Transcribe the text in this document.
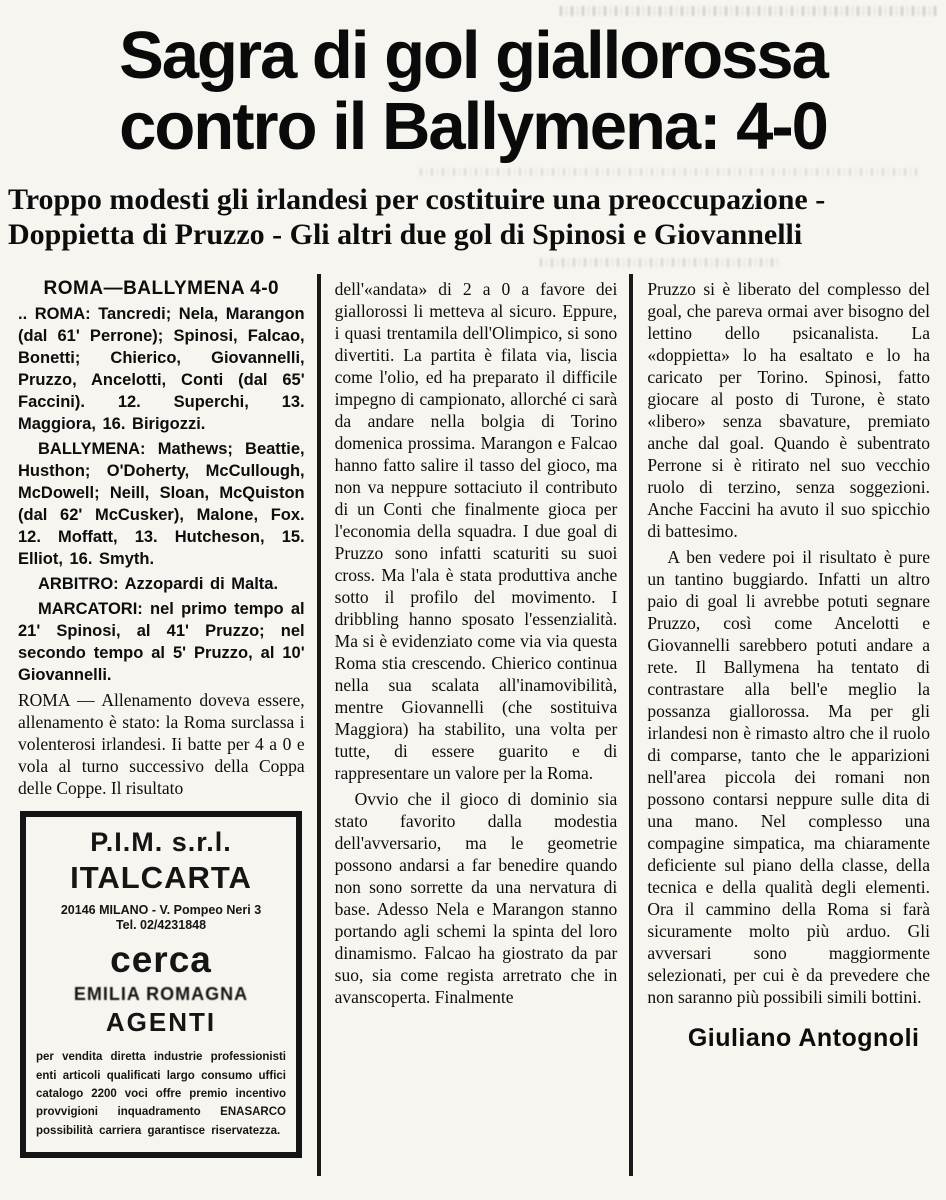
Sagra di gol giallorossa
contro il Ballymena: 4-0
Troppo modesti gli irlandesi per costituire una preoccupazione - Doppietta di Pruzzo - Gli altri due gol di Spinosi e Giovannelli

ROMA—BALLYMENA 4-0

.. ROMA: Tancredi; Nela, Marangon (dal 61' Perrone); Spinosi, Falcao, Bonetti; Chierico, Giovannelli, Pruzzo, Ancelotti, Conti (dal 65' Faccini). 12. Superchi, 13. Maggiora, 16. Birigozzi.

BALLYMENA: Mathews; Beattie, Husthon; O'Doherty, McCullough, McDowell; Neill, Sloan, McQuiston (dal 62' McCusker), Malone, Fox. 12. Moffatt, 13. Hutcheson, 15. Elliot, 16. Smyth.

ARBITRO: Azzopardi di Malta.

MARCATORI: nel primo tempo al 21' Spinosi, al 41' Pruzzo; nel secondo tempo al 5' Pruzzo, al 10' Giovannelli.

ROMA — Allenamento doveva essere, allenamento è stato: la Roma surclassa i volenterosi irlandesi. Ii batte per 4 a 0 e vola al turno successivo della Coppa delle Coppe. Il risultato

P.I.M. s.r.l.
ITALCARTA
20146 MILANO - V. Pompeo Neri 3
Tel. 02/4231848
cerca
EMILIA ROMAGNA
AGENTI
per vendita diretta industrie professionisti enti articoli qualificati largo consumo uffici catalogo 2200 voci offre premio incentivo provvigioni inquadramento ENASARCO possibilità carriera garantisce riservatezza.

dell'«andata» di 2 a 0 a favore dei giallorossi li metteva al sicuro. Eppure, i quasi trentamila dell'Olimpico, si sono divertiti. La partita è filata via, liscia come l'olio, ed ha preparato il difficile impegno di campionato, allorché ci sarà da andare nella bolgia di Torino domenica prossima. Marangon e Falcao hanno fatto salire il tasso del gioco, ma non va neppure sottaciuto il contributo di un Conti che finalmente gioca per l'economia della squadra. I due goal di Pruzzo sono infatti scaturiti su suoi cross. Ma l'ala è stata produttiva anche sotto il profilo del movimento. I dribbling hanno sposato l'essenzialità. Ma si è evidenziato come via via questa Roma stia crescendo. Chierico continua nella sua scalata all'inamovibilità, mentre Giovannelli (che sostituiva Maggiora) ha stabilito, una volta per tutte, di essere guarito e di rappresentare un valore per la Roma.

Ovvio che il gioco di dominio sia stato favorito dalla modestia dell'avversario, ma le geometrie possono andarsi a far benedire quando non sono sorrette da una nervatura di base. Adesso Nela e Marangon stanno portando agli schemi la spinta del loro dinamismo. Falcao ha giostrato da par suo, sia come regista arretrato che in avanscoperta. Finalmente

Pruzzo si è liberato del complesso del goal, che pareva ormai aver bisogno del lettino dello psicanalista. La «doppietta» lo ha esaltato e lo ha caricato per Torino. Spinosi, fatto giocare al posto di Turone, è stato «libero» senza sbavature, premiato anche dal goal. Quando è subentrato Perrone si è ritirato nel suo vecchio ruolo di terzino, senza soggezioni. Anche Faccini ha avuto il suo spicchio di battesimo.

A ben vedere poi il risultato è pure un tantino buggiardo. Infatti un altro paio di goal li avrebbe potuti segnare Pruzzo, così come Ancelotti e Giovannelli sarebbero potuti andare a rete. Il Ballymena ha tentato di contrastare alla bell'e meglio la possanza giallorossa. Ma per gli irlandesi non è rimasto altro che il ruolo di comparse, tanto che le apparizioni nell'area piccola dei romani non possono contarsi neppure sulle dita di una mano. Nel complesso una compagine simpatica, ma chiaramente deficiente sul piano della classe, della tecnica e della qualità degli elementi. Ora il cammino della Roma si farà sicuramente molto più arduo. Gli avversari sono maggiormente selezionati, per cui è da prevedere che non saranno più possibili simili bottini.

Giuliano Antognoli
